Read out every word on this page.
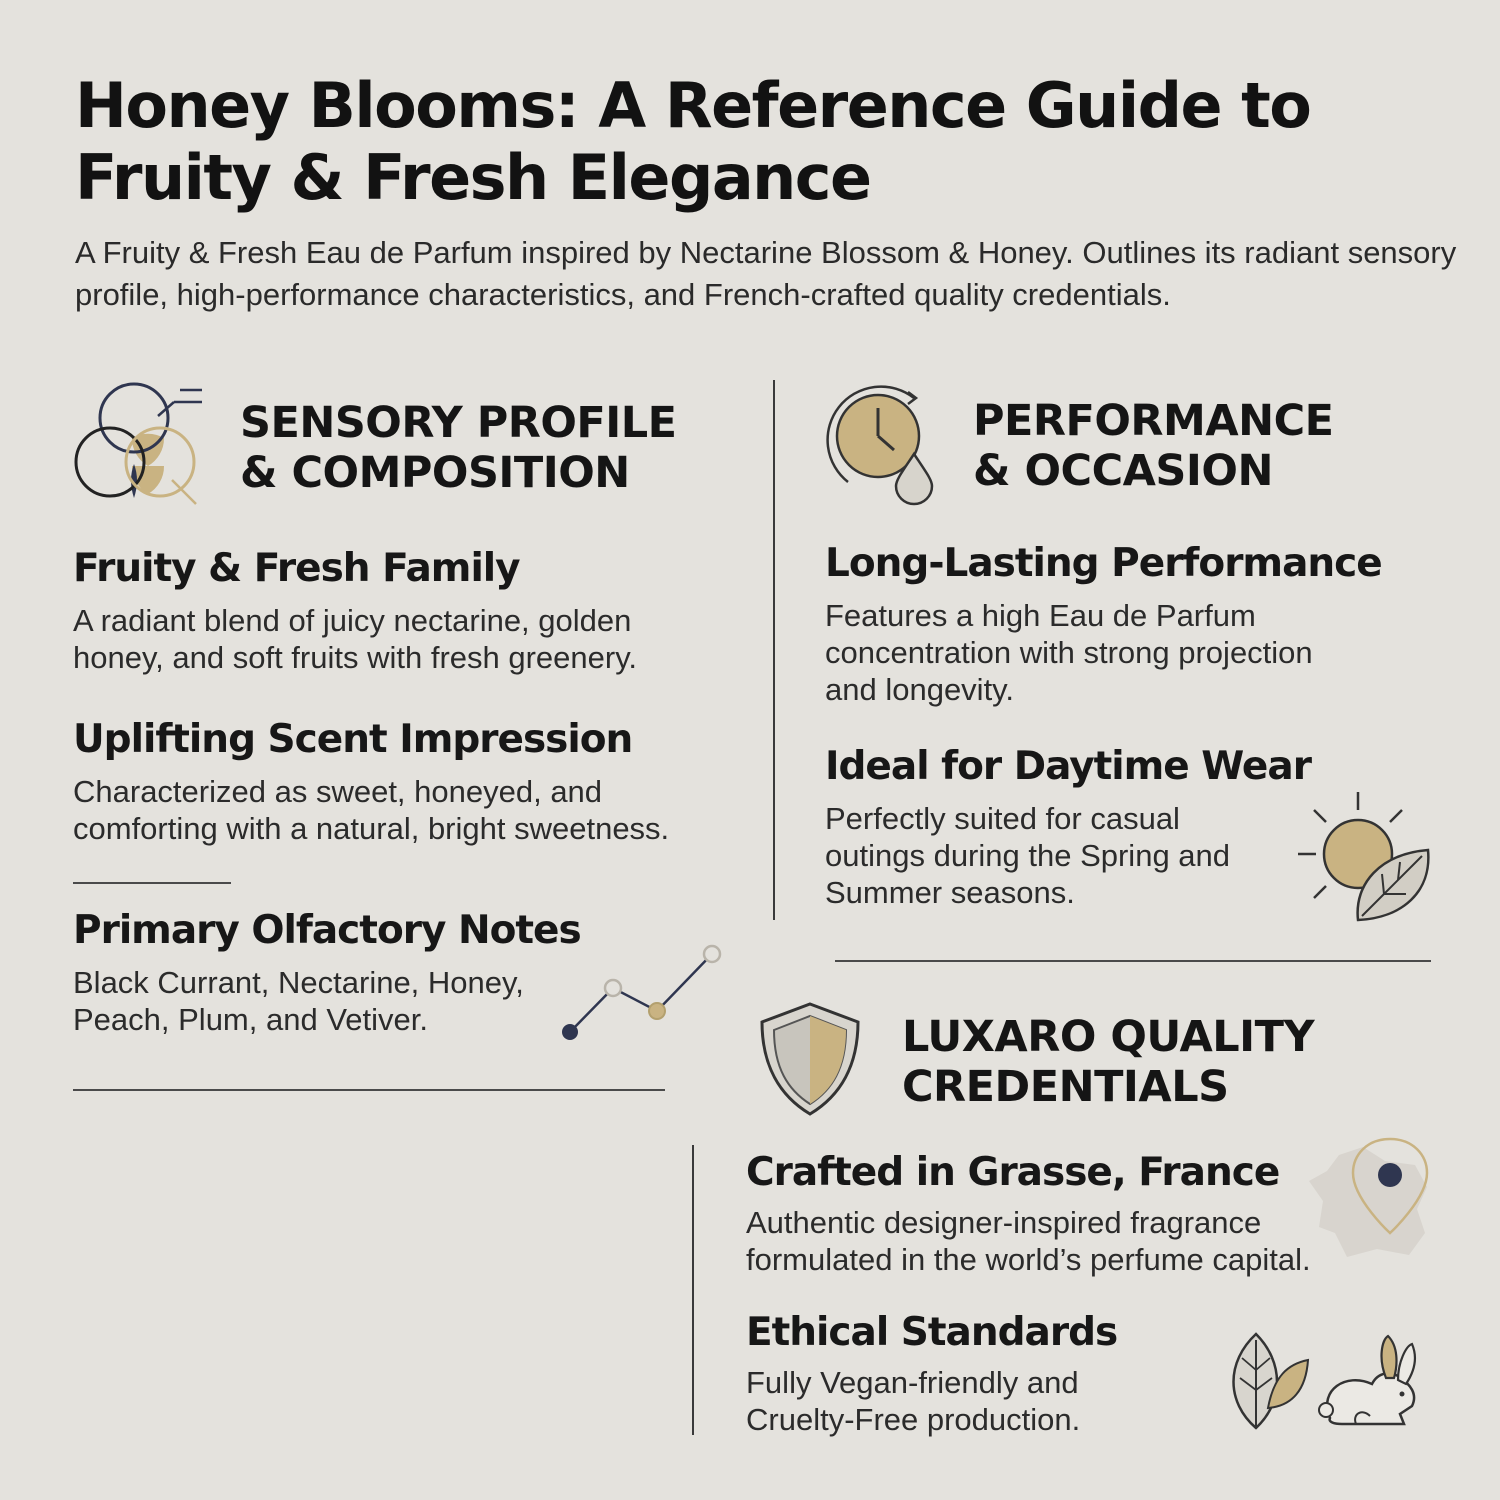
Honey Blooms: A Reference Guide to Fruity & Fresh Elegance
A Fruity & Fresh Eau de Parfum inspired by Nectarine Blossom & Honey. Outlines its radiant sensory profile, high-performance characteristics, and French-crafted quality credentials.
SENSORY PROFILE
& COMPOSITION
Fruity & Fresh Family
A radiant blend of juicy nectarine, golden
honey, and soft fruits with fresh greenery.
Uplifting Scent Impression
Characterized as sweet, honeyed, and
comforting with a natural, bright sweetness.
Primary Olfactory Notes
Black Currant, Nectarine, Honey,
Peach, Plum, and Vetiver.
PERFORMANCE
& OCCASION
Long-Lasting Performance
Features a high Eau de Parfum
concentration with strong projection
and longevity.
Ideal for Daytime Wear
Perfectly suited for casual
outings during the Spring and
Summer seasons.
LUXARO QUALITY
CREDENTIALS
Crafted in Grasse, France
Authentic designer-inspired fragrance
formulated in the world’s perfume capital.
Ethical Standards
Fully Vegan-friendly and
Cruelty-Free production.
